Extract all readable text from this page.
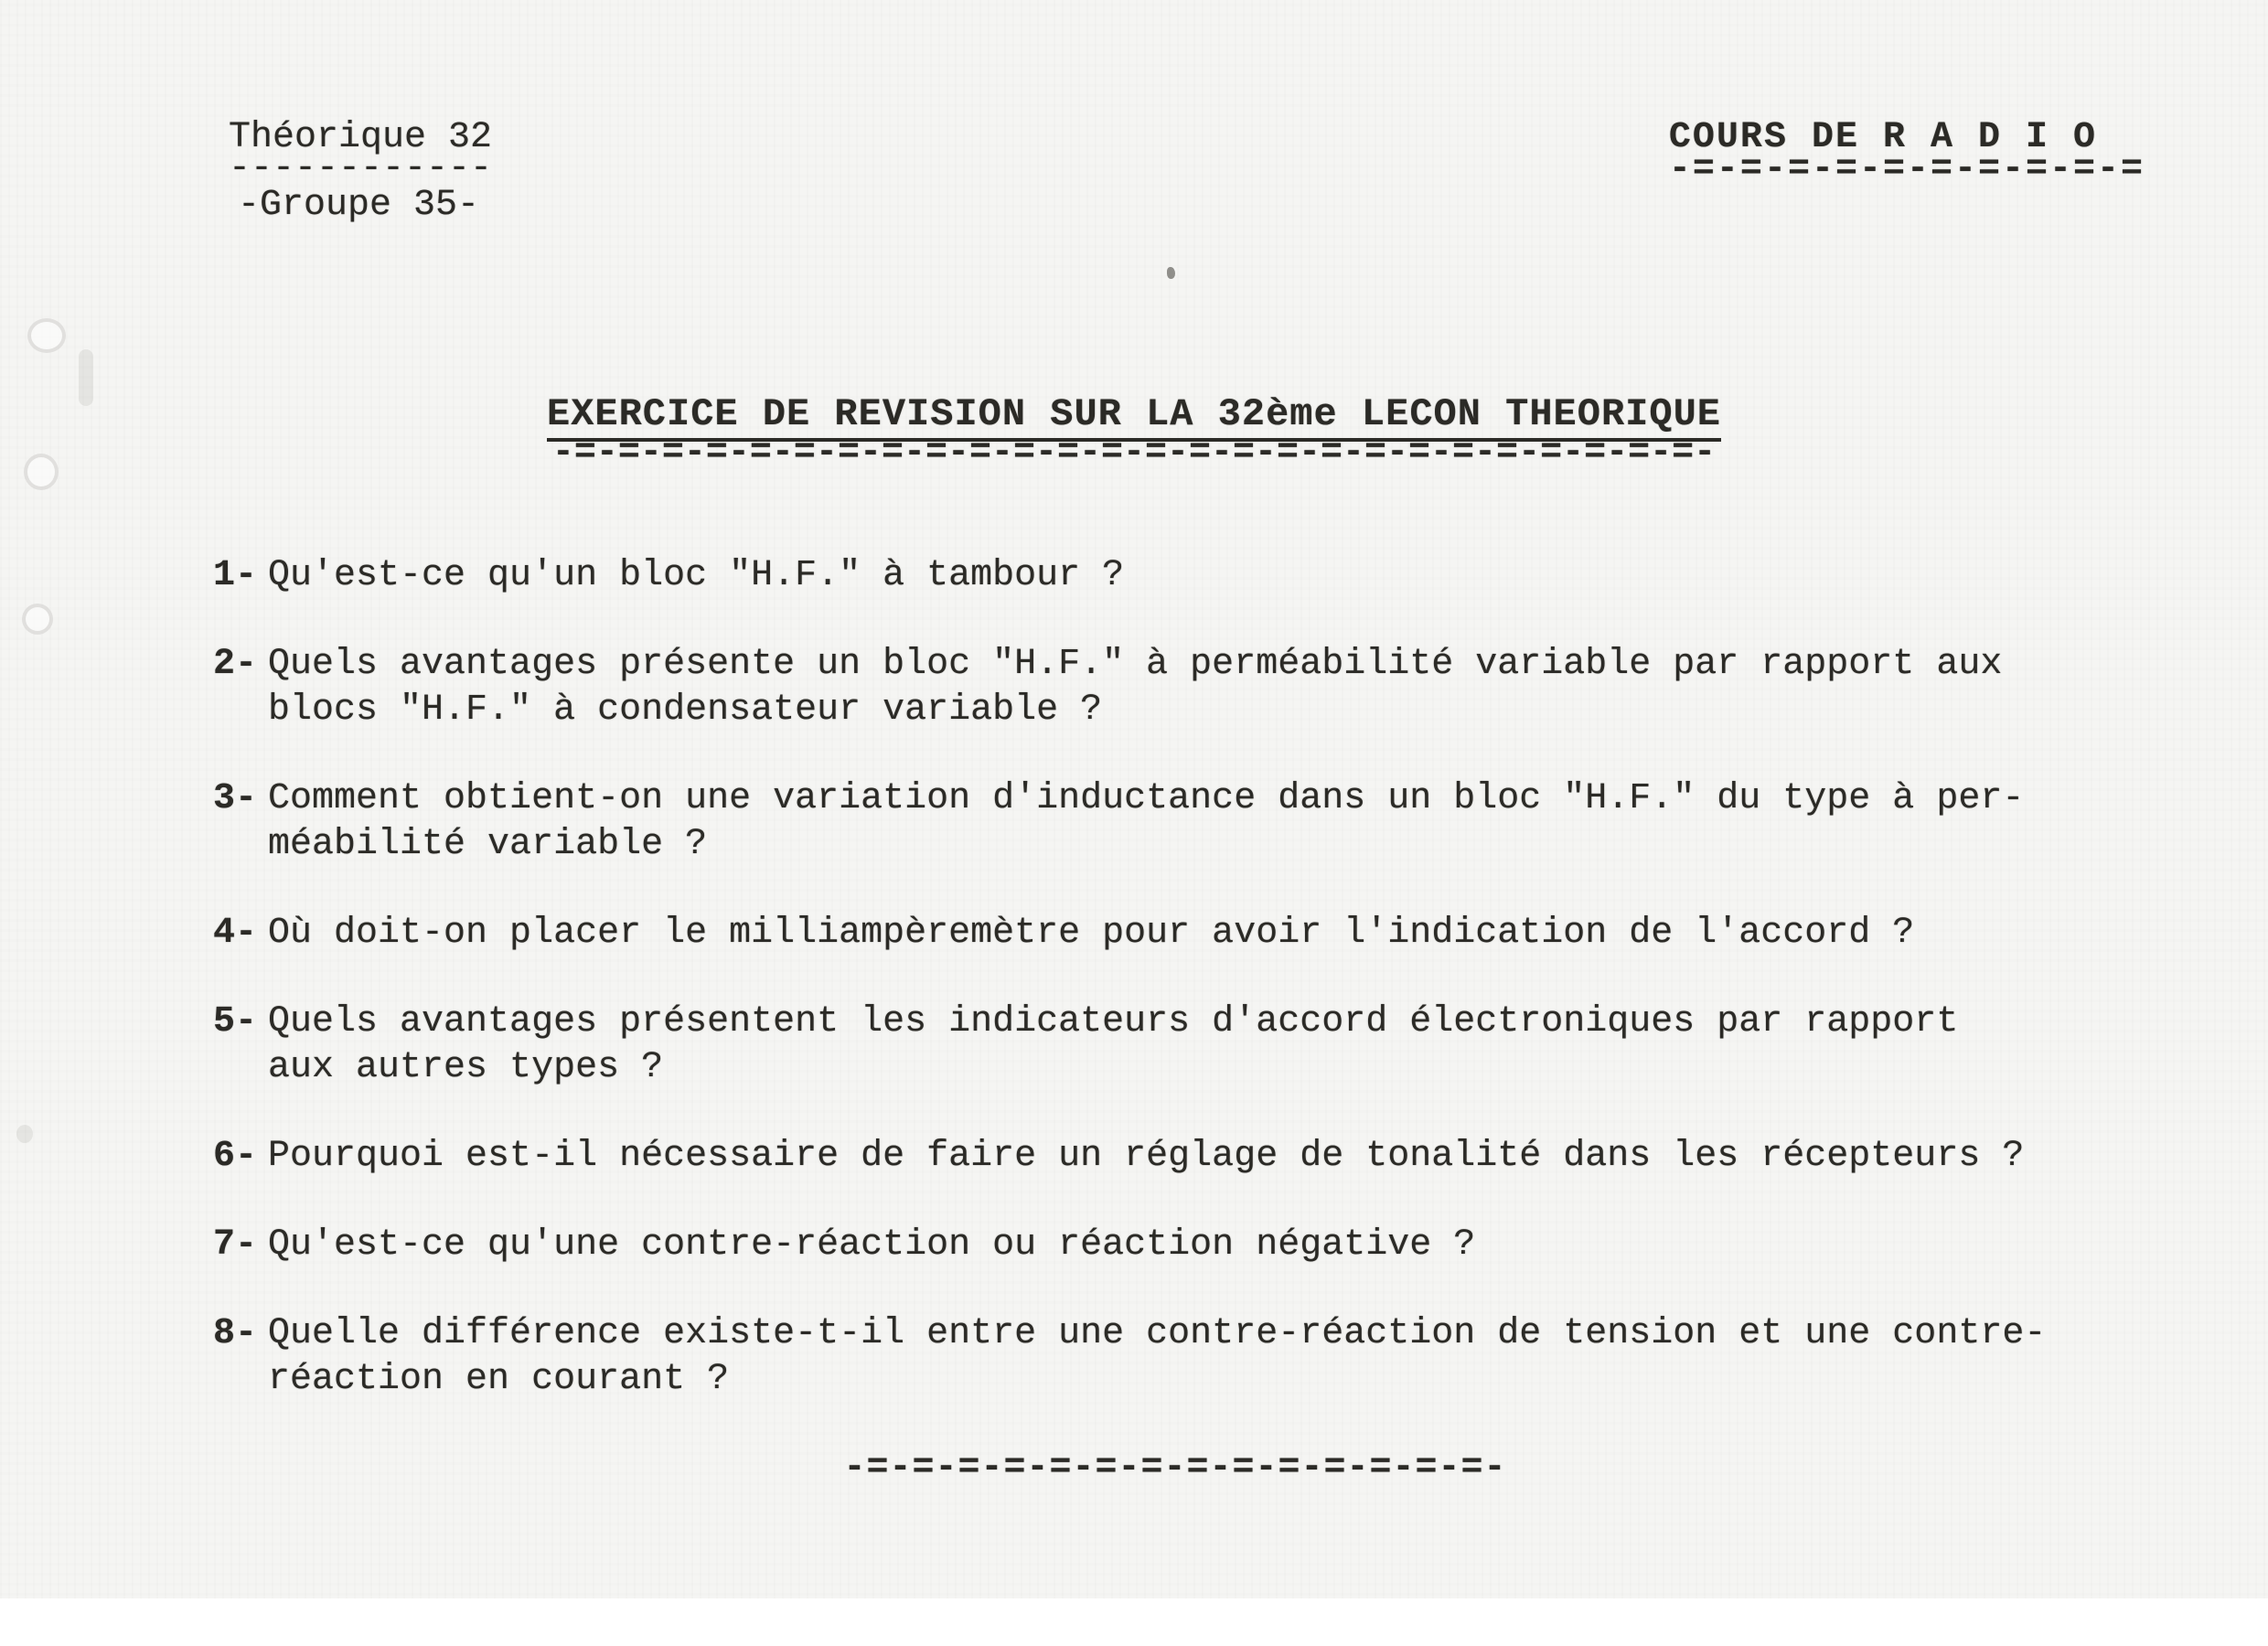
Théorique 32
------------
-Groupe 35-
COURS DE R A D I O
-=-=-=-=-=-=-=-=-=-=
EXERCICE DE REVISION SUR LA 32ème LECON THEORIQUE
-=-=-=-=-=-=-=-=-=-=-=-=-=-=-=-=-=-=-=-=-=-=-=-=-=-=-
1- Qu'est-ce qu'un bloc "H.F." à tambour ?
2- Quels avantages présente un bloc "H.F." à perméabilité variable par rapport aux
blocs "H.F." à condensateur variable ?
3- Comment obtient-on une variation d'inductance dans un bloc "H.F." du type à per-
méabilité variable ?
4- Où doit-on placer le milliampèremètre pour avoir l'indication de l'accord ?
5- Quels avantages présentent les indicateurs d'accord électroniques par rapport
aux autres types ?
6- Pourquoi est-il nécessaire de faire un réglage de tonalité dans les récepteurs ?
7- Qu'est-ce qu'une contre-réaction ou réaction négative ?
8- Quelle différence existe-t-il entre une contre-réaction de tension et une contre-
réaction en courant ?
-=-=-=-=-=-=-=-=-=-=-=-=-=-=-
